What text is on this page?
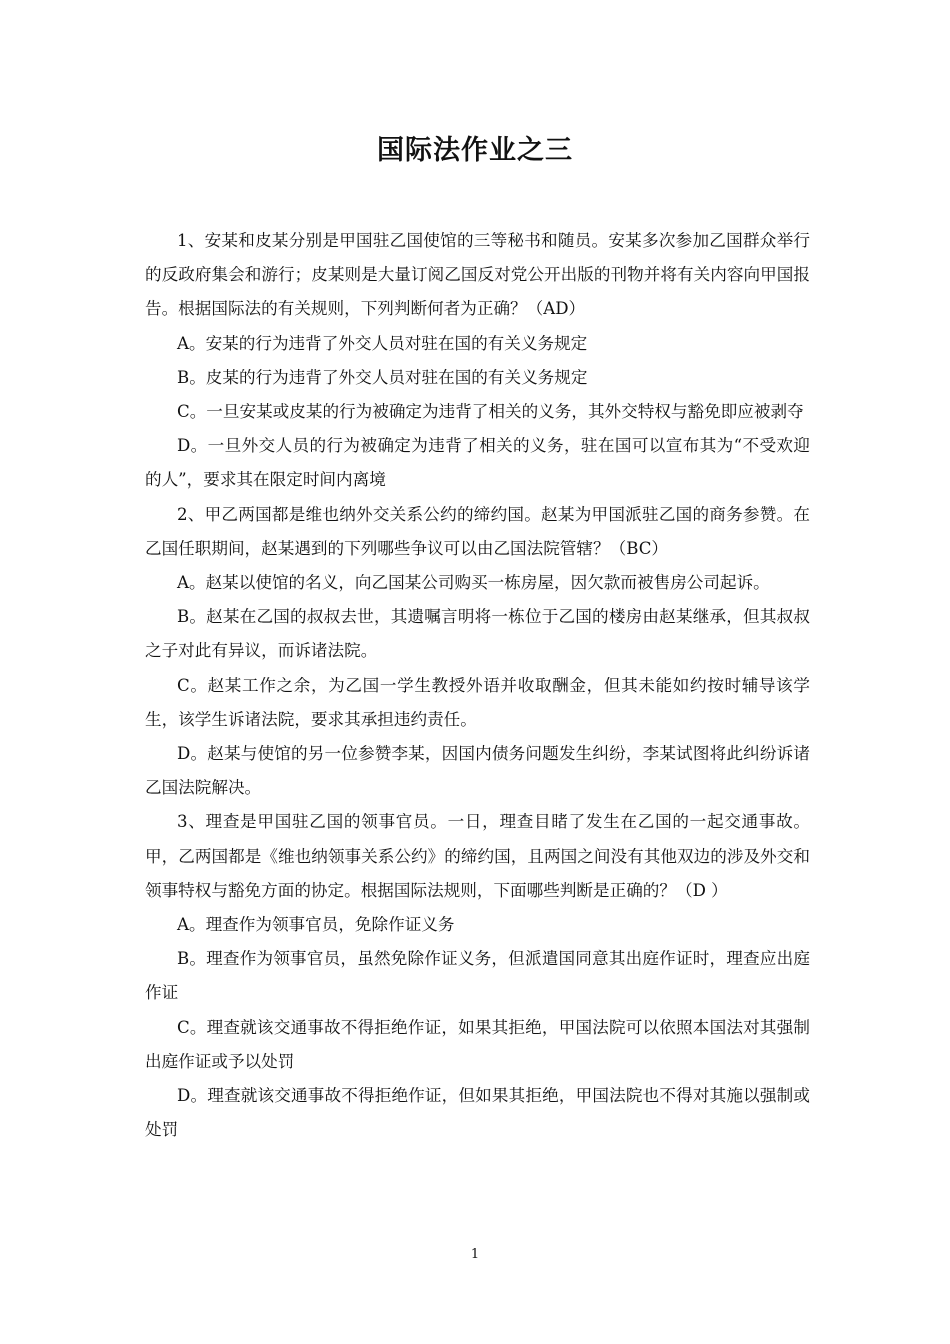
国际法作业之三

1、安某和皮某分别是甲国驻乙国使馆的三等秘书和随员。安某多次参加乙国群众举行的反政府集会和游行；皮某则是大量订阅乙国反对党公开出版的刊物并将有关内容向甲国报告。根据国际法的有关规则，下列判断何者为正确？（AD）

A。安某的行为违背了外交人员对驻在国的有关义务规定

B。皮某的行为违背了外交人员对驻在国的有关义务规定

C。一旦安某或皮某的行为被确定为违背了相关的义务，其外交特权与豁免即应被剥夺

D。一旦外交人员的行为被确定为违背了相关的义务，驻在国可以宣布其为“不受欢迎的人”，要求其在限定时间内离境

2、甲乙两国都是维也纳外交关系公约的缔约国。赵某为甲国派驻乙国的商务参赞。在乙国任职期间，赵某遇到的下列哪些争议可以由乙国法院管辖？（BC）

A。赵某以使馆的名义，向乙国某公司购买一栋房屋，因欠款而被售房公司起诉。

B。赵某在乙国的叔叔去世，其遗嘱言明将一栋位于乙国的楼房由赵某继承，但其叔叔之子对此有异议，而诉诸法院。

C。赵某工作之余，为乙国一学生教授外语并收取酬金，但其未能如约按时辅导该学生，该学生诉诸法院，要求其承担违约责任。

D。赵某与使馆的另一位参赞李某，因国内债务问题发生纠纷，李某试图将此纠纷诉诸乙国法院解决。

3、理查是甲国驻乙国的领事官员。一日，理查目睹了发生在乙国的一起交通事故。甲，乙两国都是《维也纳领事关系公约》的缔约国，且两国之间没有其他双边的涉及外交和领事特权与豁免方面的协定。根据国际法规则，下面哪些判断是正确的？（D ）

A。理查作为领事官员，免除作证义务

B。理查作为领事官员，虽然免除作证义务，但派遣国同意其出庭作证时，理查应出庭作证

C。理查就该交通事故不得拒绝作证，如果其拒绝，甲国法院可以依照本国法对其强制出庭作证或予以处罚

D。理查就该交通事故不得拒绝作证，但如果其拒绝，甲国法院也不得对其施以强制或处罚

1
